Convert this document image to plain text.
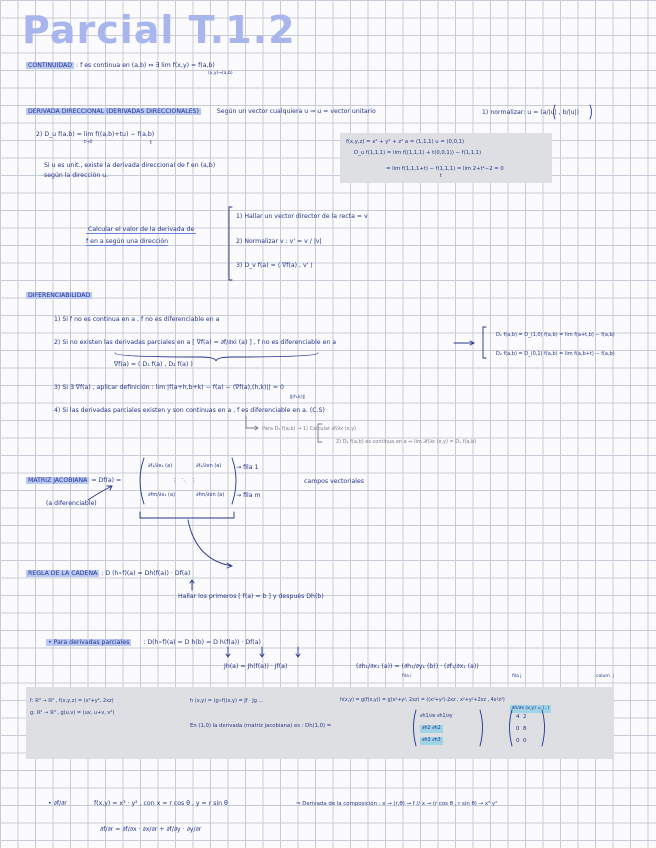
Parcial T.1.2
CONTINUIDAD : f es continua en (a,b) ⇔ ∃ lim f(x,y) = f(a,b)
(x,y)→(a,b)
DERIVADA DIRECCIONAL (DERIVADAS DIRECCIONALES)	Según un vector cualquiera u ⇒ u = vector unitario	1) normalizar: u = (a/|u| , b/|u|)
2) D_u f(a,b) = lim f((a,b)+tu) − f(a,b)
t→0	t
Si u es unit., existe la derivada direccional de f en (a,b)
según la dirección u.
f(x,y,z) = x² + y² + z² a = (1,1,1) u = (0,0,1)
D_u f(1,1,1) = lim f((1,1,1) + t(0,0,1)) − f(1,1,1)
= lim f(1,1,1+t) − f(1,1,1) = lim 2+t²−2 = 0
t
Calcular el valor de la derivada de
f en a según una dirección
1) Hallar un vector director de la recta = v
2) Normalizar v : v' = v / |v|
3) D_v f(a) = ⟨ ∇f(a) , v' ⟩
DIFERENCIABILIDAD
1) Si f no es continua en a , f no es diferenciable en a
2) Si no existen las derivadas parciales en a [ ∇f(a) = ∂f/∂xi (a) ] , f no es diferenciable en a
∇f(a) = ( D₁ f(a) , D₂ f(a) )
D₁ f(a,b) = D_(1,0) f(a,b) = lim f(a+t,b) − f(a,b)
D₂ f(a,b) = D_(0,1) f(a,b) = lim f(a,b+t) − f(a,b)
3) Si ∃ ∇f(a) , aplicar definición : lim |f(a+h,b+k) − f(a) − ⟨∇f(a),(h,k)⟩| = 0
‖(h,k)‖
4) Si las derivadas parciales existen y son continuas en a , f es diferenciable en a. (C.S)
Para D₁ f(a,b) → 1) Calcular ∂f/∂x (x,y)
2) D₁ f(a,b) es continua en a ⇔ lim ∂f/∂x (x,y) = D₁ f(a,b)
MATRIZ JACOBIANA = Df(a) =
∂f₁/∂x₁ (a)	∂f₁/∂xn (a)
∂fm/∂x₁ (a)	∂fm/∂xn (a)
⋮   ⋱   ⋮
→ fila 1
→ fila m
campos vectoriales
(a diferenciable)
REGLA DE LA CADENA : D (h∘f)(a) = Dh(f(a)) · Df(a)
Hallar los primeros [ f(a) = b ] y después Dh(b)
• Para derivadas parciales : D(h∘f)(a) = D h(b) = D h(f(a)) · Df(a)
Jh(a) = Jh(f(a)) · Jf(a)	(∂h₁/∂x₁ (a)) = (∂h₁/∂y₁ (b)) · (∂f₁/∂x₁ (a))
fila i	fila j	colum. j
f: ℝ³ → ℝ² , f(x,y,z) = (x²+y², 2xz)
g: ℝ² → ℝ³ , g(u,v) = (uv, u+v, v²)
h (x,y) = (g∘f)(x,y) = Jf · Jg ...
En (1,0) la derivada (matriz jacobiana) es : Dh(1,0) =
h(x,y) = g(f(x,y)) = g(x²+y², 2xz) = ((x²+y²)·2xz , x²+y²+2xz , 4x²z²)
∂h/∂x (x,y) = (..)
∂h1/∂x ∂h1/∂y
∂h2 ∂h2
∂h3 ∂h3
4 2
0 8
0 0
• ∂f/∂r	f(x,y) = x³ · y² , con x = r cos θ , y = r sin θ	⇒ Derivada de la composición : x → (r,θ) → f // x → (r cos θ , r sin θ) → x³ y²
∂f/∂r = ∂f/∂x · ∂x/∂r + ∂f/∂y · ∂y/∂r
